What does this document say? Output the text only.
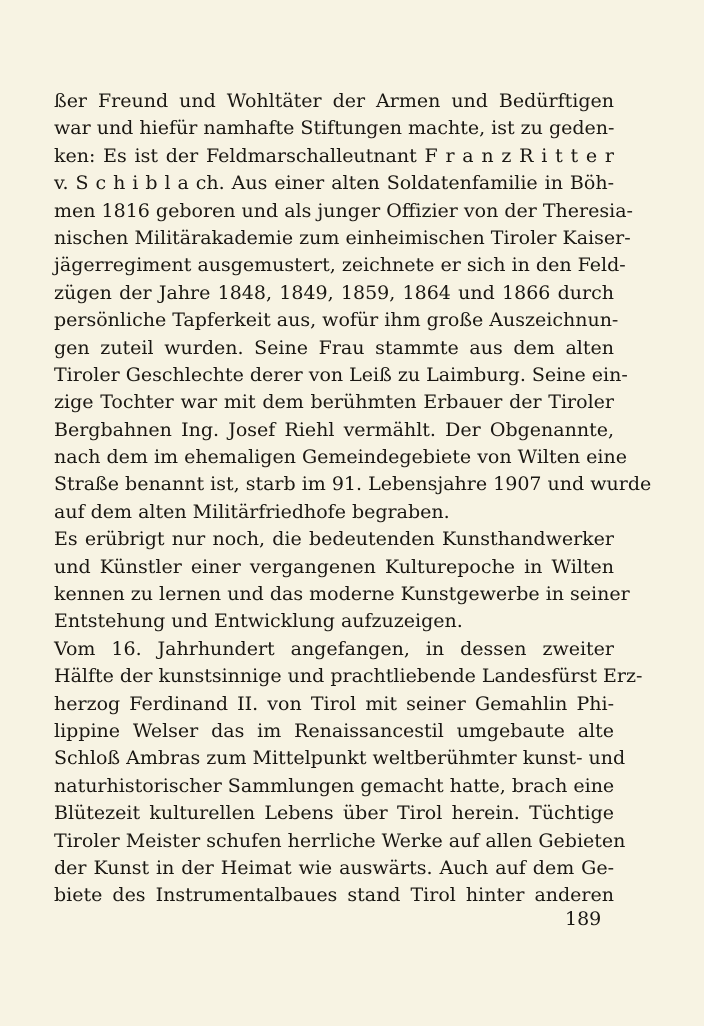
ßer Freund und Wohltäter der Armen und Bedürftigen
war und hiefür namhafte Stiftungen machte, ist zu geden-
ken: Es ist der Feldmarschalleutnant F r a n z R i t t e r
v. S c h i b l a ch. Aus einer alten Soldatenfamilie in Böh-
men 1816 geboren und als junger Offizier von der Theresia-
nischen Militärakademie zum einheimischen Tiroler Kaiser-
jägerregiment ausgemustert, zeichnete er sich in den Feld-
zügen der Jahre 1848, 1849, 1859, 1864 und 1866 durch
persönliche Tapferkeit aus, wofür ihm große Auszeichnun-
gen zuteil wurden. Seine Frau stammte aus dem alten
Tiroler Geschlechte derer von Leiß zu Laimburg. Seine ein-
zige Tochter war mit dem berühmten Erbauer der Tiroler
Bergbahnen Ing. Josef Riehl vermählt. Der Obgenannte,
nach dem im ehemaligen Gemeindegebiete von Wilten eine
Straße benannt ist, starb im 91. Lebensjahre 1907 und wurde
auf dem alten Militärfriedhofe begraben.
Es erübrigt nur noch, die bedeutenden Kunsthandwerker
und Künstler einer vergangenen Kulturepoche in Wilten
kennen zu lernen und das moderne Kunstgewerbe in seiner
Entstehung und Entwicklung aufzuzeigen.
Vom 16. Jahrhundert angefangen, in dessen zweiter
Hälfte der kunstsinnige und prachtliebende Landesfürst Erz-
herzog Ferdinand II. von Tirol mit seiner Gemahlin Phi-
lippine Welser das im Renaissancestil umgebaute alte
Schloß Ambras zum Mittelpunkt weltberühmter kunst- und
naturhistorischer Sammlungen gemacht hatte, brach eine
Blütezeit kulturellen Lebens über Tirol herein. Tüchtige
Tiroler Meister schufen herrliche Werke auf allen Gebieten
der Kunst in der Heimat wie auswärts. Auch auf dem Ge-
biete des Instrumentalbaues stand Tirol hinter anderen
189
